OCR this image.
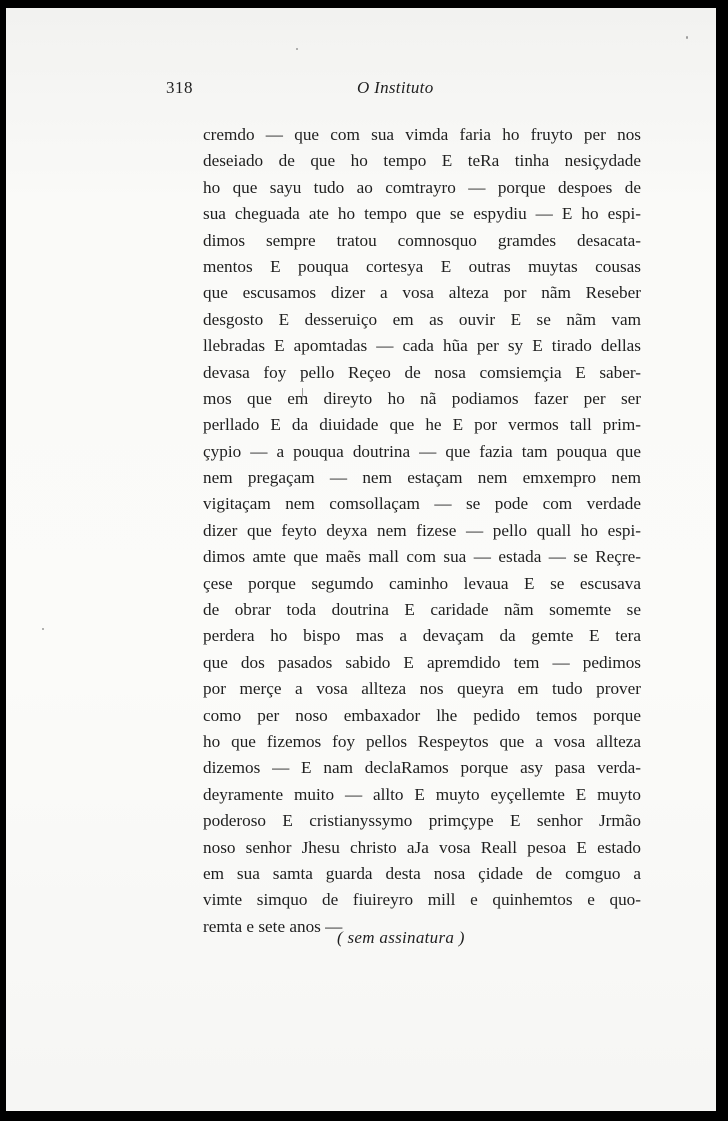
318	O Instituto
cremdo — que com sua vimda faria ho fruyto per nos
deseiado de que ho tempo E teRa tinha nesiçydade
ho que sayu tudo ao comtrayro — porque despoes de
sua cheguada ate ho tempo que se espydiu — E ho espi-
dimos sempre tratou comnosquo gramdes desacata-
mentos E pouqua cortesya E outras muytas cousas
que escusamos dizer a vosa alteza por nãm Reseber
desgosto E desseruiço em as ouvir E se nãm vam
llebradas E apomtadas — cada hũa per sy E tirado dellas
devasa foy pello Reçeo de nosa comsiemçia E saber-
mos que em direyto ho nã podiamos fazer per ser
perllado E da diuidade que he E por vermos tall prim-
çypio — a pouqua doutrina — que fazia tam pouqua que
nem pregaçam — nem estaçam nem emxempro nem
vigitaçam nem comsollaçam — se pode com verdade
dizer que feyto deyxa nem fizese — pello quall ho espi-
dimos amte que maẽs mall com sua — estada — se Reçre-
çese porque segumdo caminho levaua E se escusava
de obrar toda doutrina E caridade nãm somemte se
perdera ho bispo mas a devaçam da gemte E tera
que dos pasados sabido E apremdido tem — pedimos
por merçe a vosa allteza nos queyra em tudo prover
como per noso embaxador lhe pedido temos porque
ho que fizemos foy pellos Respeytos que a vosa allteza
dizemos — E nam declaRamos porque asy pasa verda-
deyramente muito — allto E muyto eyçellemte E muyto
poderoso E cristianyssymo primçype E senhor Jrmão
noso senhor Jhesu christo aJa vosa Reall pesoa E estado
em sua samta guarda desta nosa çidade de comguo a
vimte simquo de fiuireyro mill e quinhemtos e quo-
remta e sete anos —
( sem assinatura )
